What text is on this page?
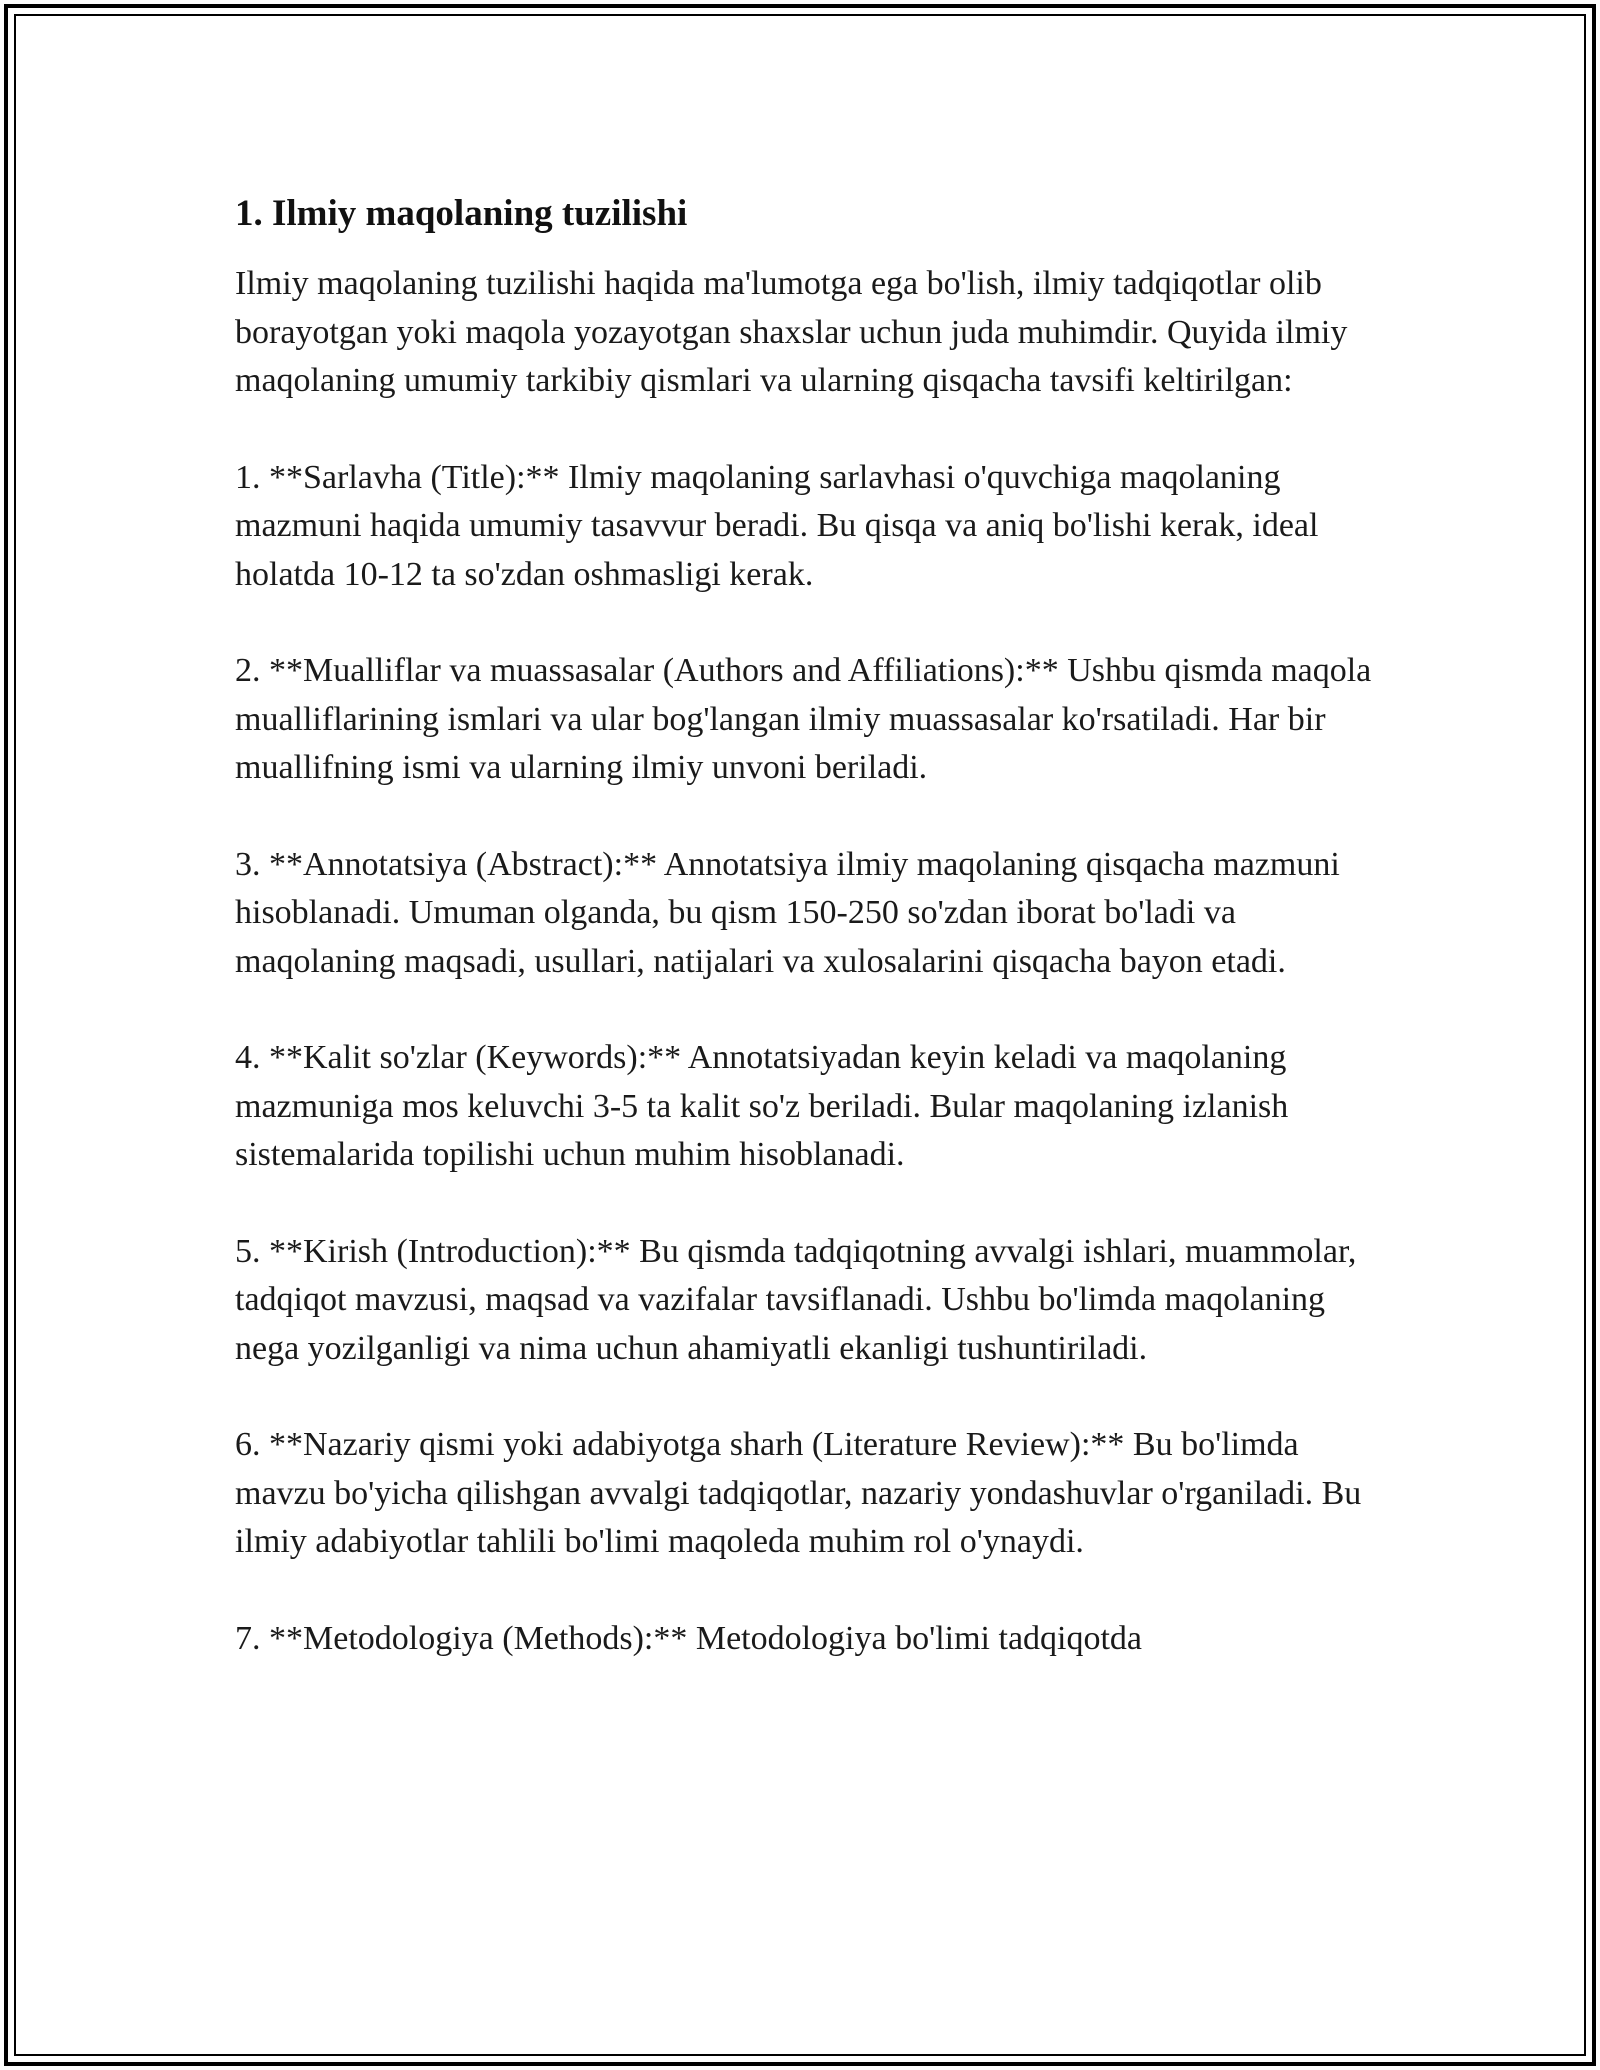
1. Ilmiy maqolaning tuzilishi

Ilmiy maqolaning tuzilishi haqida ma'lumotga ega bo'lish, ilmiy tadqiqotlar olib borayotgan yoki maqola yozayotgan shaxslar uchun juda muhimdir. Quyida ilmiy maqolaning umumiy tarkibiy qismlari va ularning qisqacha tavsifi keltirilgan:

1. **Sarlavha (Title):** Ilmiy maqolaning sarlavhasi o'quvchiga maqolaning mazmuni haqida umumiy tasavvur beradi. Bu qisqa va aniq bo'lishi kerak, ideal holatda 10-12 ta so'zdan oshmasligi kerak.

2. **Mualliflar va muassasalar (Authors and Affiliations):** Ushbu qismda maqola mualliflarining ismlari va ular bog'langan ilmiy muassasalar ko'rsatiladi. Har bir muallifning ismi va ularning ilmiy unvoni beriladi.

3. **Annotatsiya (Abstract):** Annotatsiya ilmiy maqolaning qisqacha mazmuni hisoblanadi. Umuman olganda, bu qism 150-250 so'zdan iborat bo'ladi va maqolaning maqsadi, usullari, natijalari va xulosalarini qisqacha bayon etadi.

4. **Kalit so'zlar (Keywords):** Annotatsiyadan keyin keladi va maqolaning mazmuniga mos keluvchi 3-5 ta kalit so'z beriladi. Bular maqolaning izlanish sistemalarida topilishi uchun muhim hisoblanadi.

5. **Kirish (Introduction):** Bu qismda tadqiqotning avvalgi ishlari, muammolar, tadqiqot mavzusi, maqsad va vazifalar tavsiflanadi. Ushbu bo'limda maqolaning nega yozilganligi va nima uchun ahamiyatli ekanligi tushuntiriladi.

6. **Nazariy qismi yoki adabiyotga sharh (Literature Review):** Bu bo'limda mavzu bo'yicha qilishgan avvalgi tadqiqotlar, nazariy yondashuvlar o'rganiladi. Bu ilmiy adabiyotlar tahlili bo'limi maqoleda muhim rol o'ynaydi.

7. **Metodologiya (Methods):** Metodologiya bo'limi tadqiqotda
